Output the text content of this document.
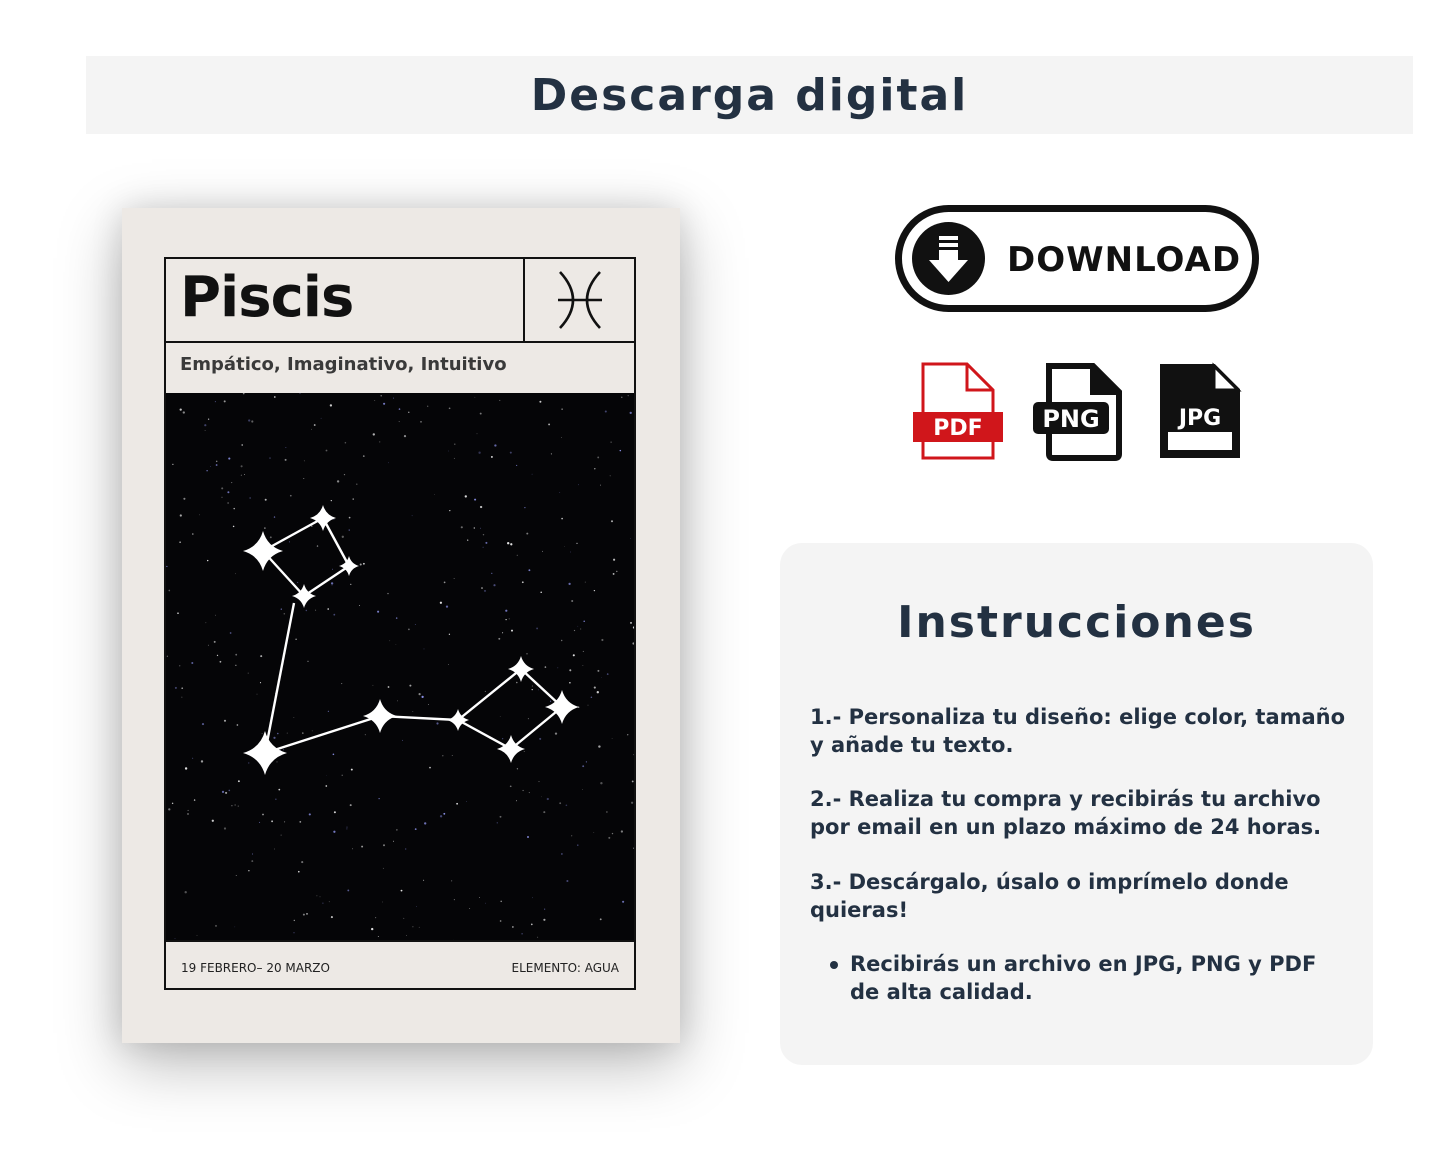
Descarga digital
Piscis
Empático, Imaginativo, Intuitivo
19 FEBRERO– 20 MARZO	ELEMENTO: AGUA
DOWNLOAD
PDF PNG	JPG
Instrucciones
1.- Personaliza tu diseño: elige color, tamaño y añade tu texto.
2.- Realiza tu compra y recibirás tu archivo por email en un plazo máximo de 24 horas.
3.- Descárgalo, úsalo o imprímelo donde quieras!
Recibirás un archivo en JPG, PNG y PDF de alta calidad.
